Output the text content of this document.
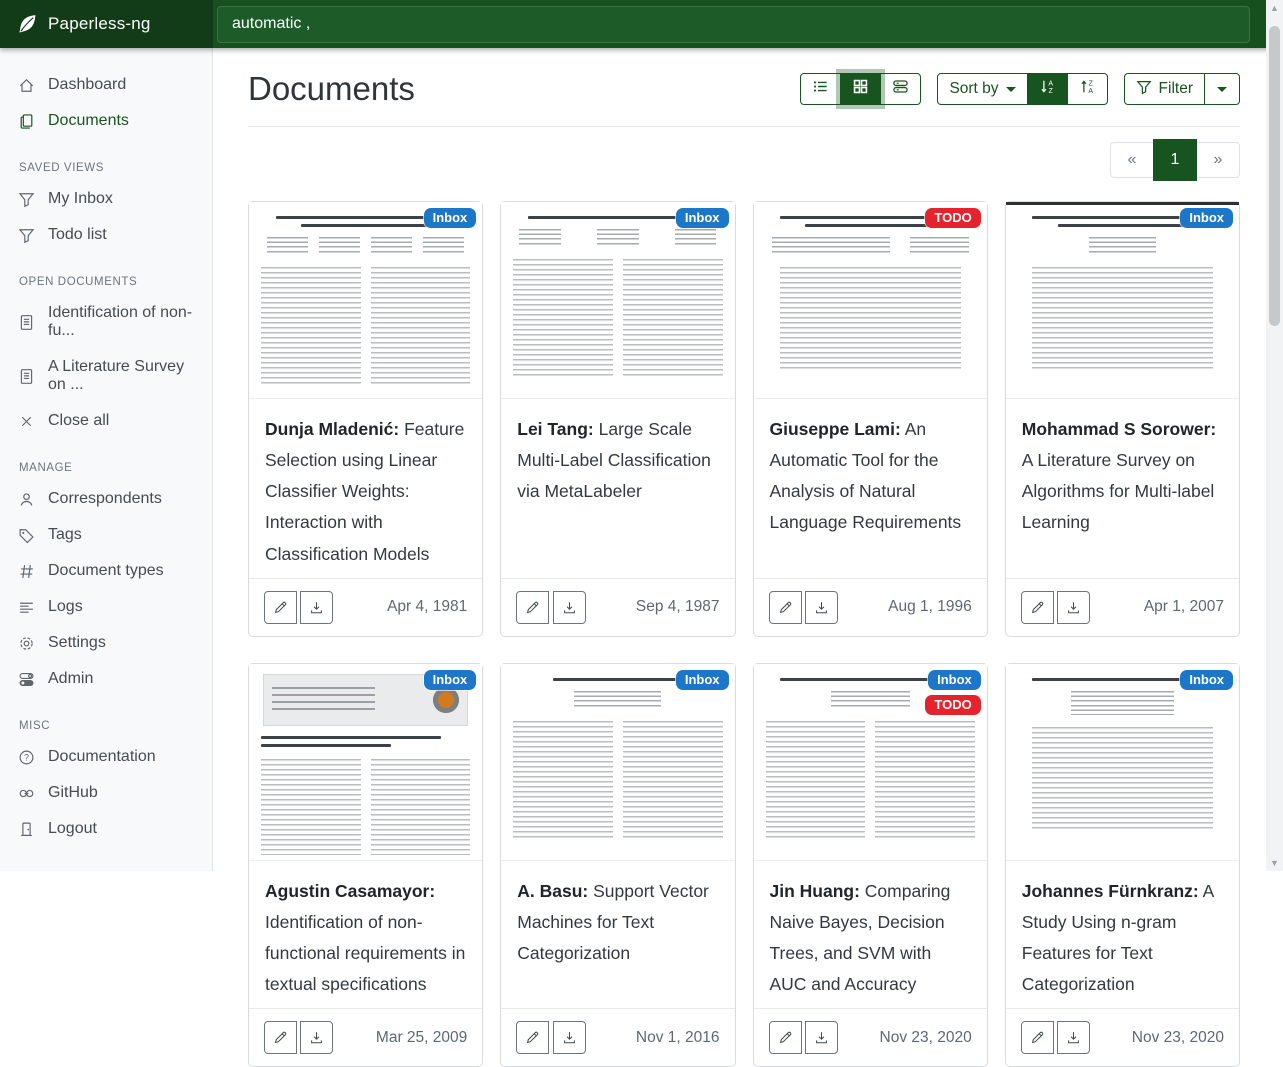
Paperless-ng
automatic ,
Dashboard
Documents
SAVED VIEWS
My Inbox
Todo list
OPEN DOCUMENTS
Identification of non-fu...
A Literature Survey on ...
Close all
MANAGE
Correspondents
Tags
Document types
Logs
Settings
Admin
MISC
? Documentation
GitHub
Logout
Documents	Sort by	A
Z
Z
A	Filter
«	1	»
Inbox
Dunja Mladenić: Feature Selection using Linear Classifier Weights: Interaction with Classification Models

Apr 4, 1981
Inbox
Lei Tang: Large Scale Multi-Label Classification via MetaLabeler

Sep 4, 1987
TODO
Giuseppe Lami: An Automatic Tool for the Analysis of Natural Language Requirements

Aug 1, 1996
Inbox
Mohammad S Sorower: A Literature Survey on Algorithms for Multi-label Learning

Apr 1, 2007
Inbox
Agustin Casamayor: Identification of non-functional requirements in textual specifications

Mar 25, 2009
Inbox
A. Basu: Support Vector Machines for Text Categorization

Nov 1, 2016
Inbox
TODO
Jin Huang: Comparing Naive Bayes, Decision Trees, and SVM with AUC and Accuracy

Nov 23, 2020
Inbox
Johannes Fürnkranz: A Study Using n-gram Features for Text Categorization

Nov 23, 2020
▲
▼
